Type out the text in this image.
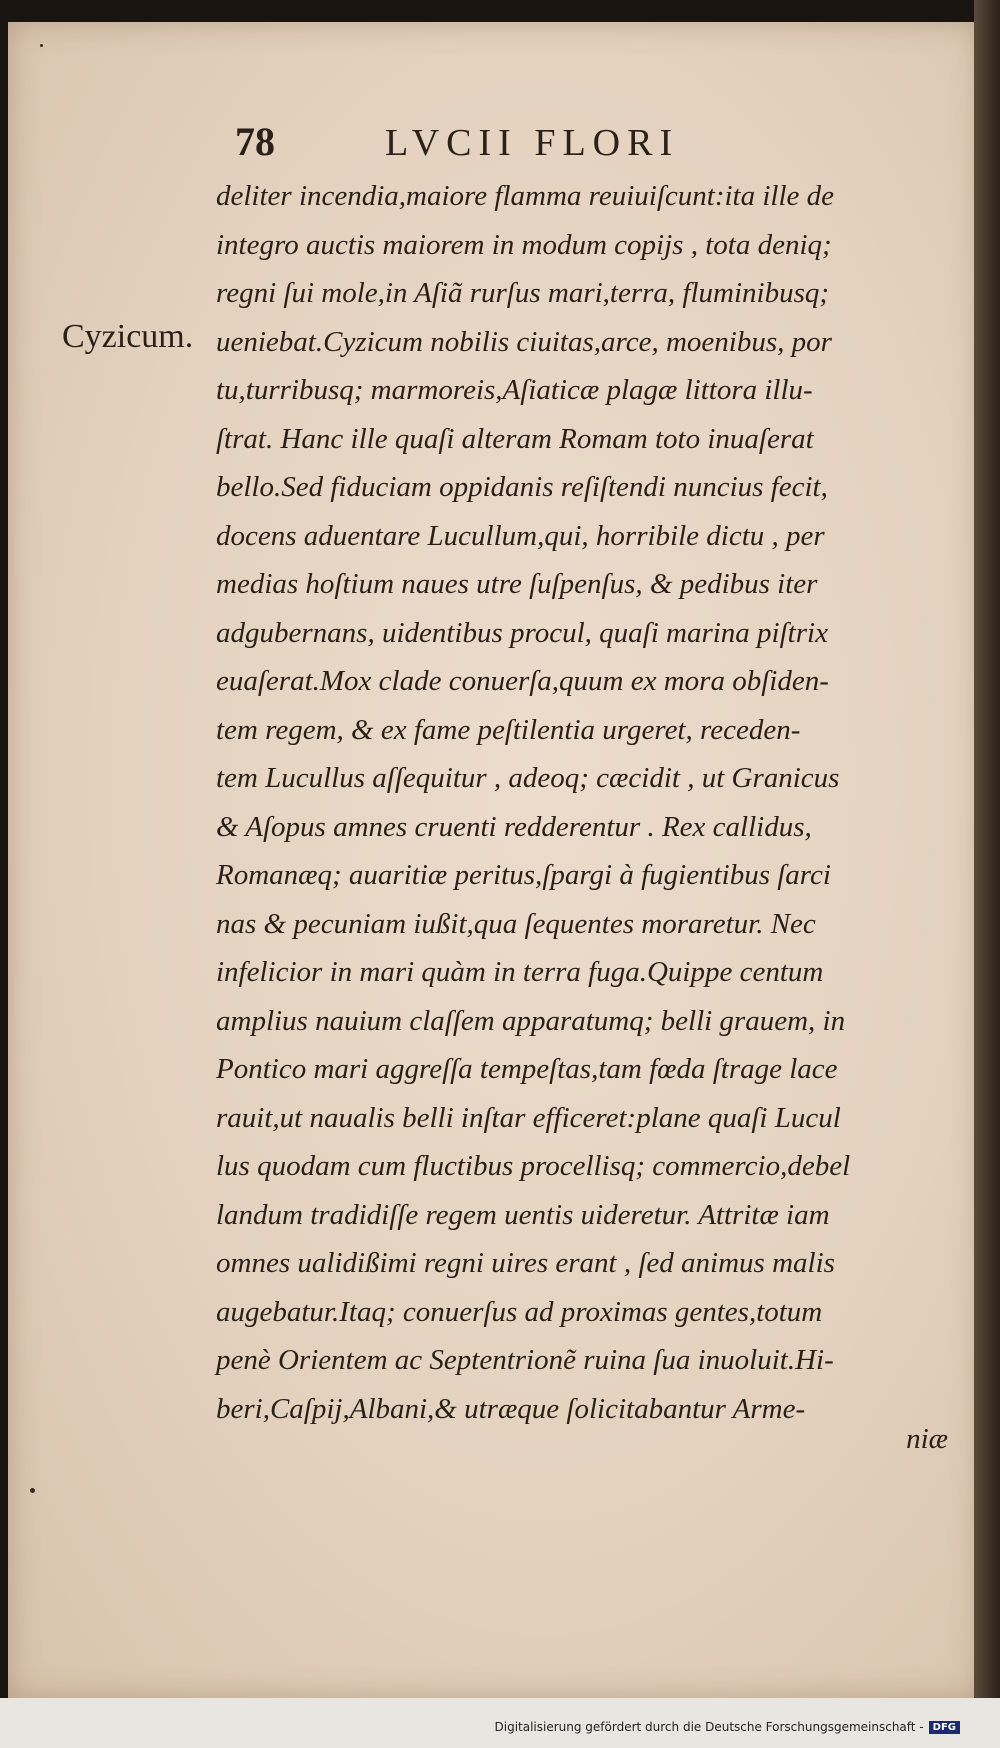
78	LVCII FLORI
Cyzicum.
deliter incendia,maiore flamma reuiuiſcunt:ita ille de
integro auctis maiorem in modum copijs , tota deniq;
regni ſui mole,in Aſiã rurſus mari,terra, fluminibusq;
ueniebat.Cyzicum nobilis ciuitas,arce, moenibus, por
tu,turribusq; marmoreis,Aſiaticæ plagæ littora illu-
ſtrat. Hanc ille quaſi alteram Romam toto inuaſerat
bello.Sed fiduciam oppidanis reſiſtendi nuncius fecit,
docens aduentare Lucullum,qui, horribile dictu , per
medias hoſtium naues utre ſuſpenſus, & pedibus iter
adgubernans, uidentibus procul, quaſi marina piſtrix
euaſerat.Mox clade conuerſa,quum ex mora obſiden-
tem regem, & ex fame peſtilentia urgeret, receden-
tem Lucullus aſſequitur , adeoq; cæcidit , ut Granicus
& Aſopus amnes cruenti redderentur . Rex callidus,
Romanæq; auaritiæ peritus,ſpargi à fugientibus ſarci
nas & pecuniam iußit,qua ſequentes moraretur. Nec
infelicior in mari quàm in terra fuga.Quippe centum
amplius nauium claſſem apparatumq; belli grauem, in
Pontico mari aggreſſa tempeſtas,tam fœda ſtrage lace
rauit,ut naualis belli inſtar efficeret:plane quaſi Lucul
lus quodam cum fluctibus procellisq; commercio,debel
landum tradidiſſe regem uentis uideretur. Attritæ iam
omnes ualidißimi regni uires erant , ſed animus malis
augebatur.Itaq; conuerſus ad proximas gentes,totum
penè Orientem ac Septentrionẽ ruina ſua inuoluit.Hi-
beri,Caſpij,Albani,& utræque ſolicitabantur Arme-
niæ
Digitalisierung gefördert durch die Deutsche Forschungsgemeinschaft - DFG
